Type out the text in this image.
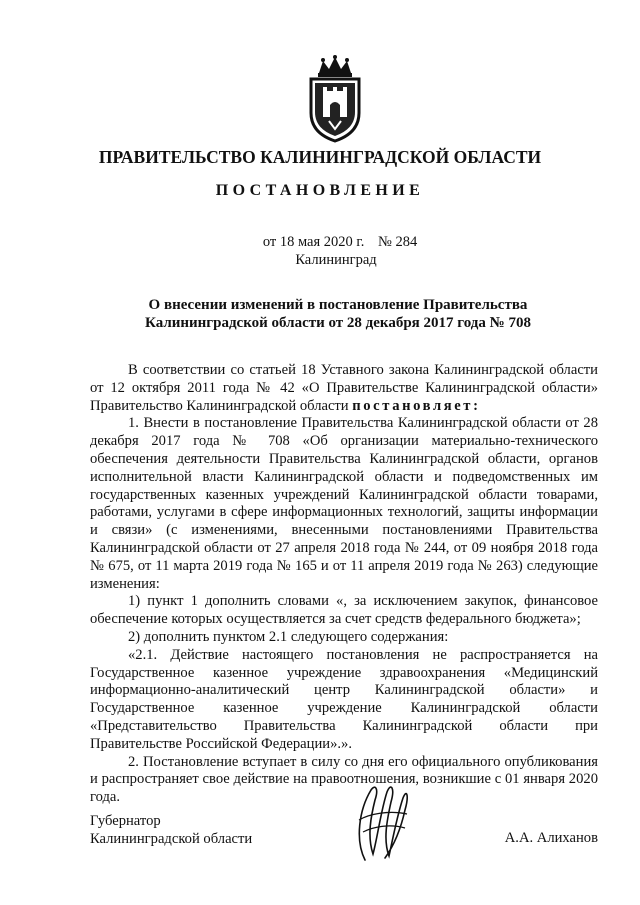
ПРАВИТЕЛЬСТВО КАЛИНИНГРАДСКОЙ ОБЛАСТИ
ПОСТАНОВЛЕНИЕ
от 18 мая 2020 г. № 284
Калининград
О внесении изменений в постановление Правительства
Калининградской области от 28 декабря 2017 года № 708

В соответствии со статьей 18 Уставного закона Калининградской области от 12 октября 2011 года № 42 «О Правительстве Калининградской области» Правительство Калининградской области постановляет:

1. Внести в постановление Правительства Калининградской области от 28 декабря 2017 года № 708 «Об организации материально-технического обеспечения деятельности Правительства Калининградской области, органов исполнительной власти Калининградской области и подведомственных им государственных казенных учреждений Калининградской области товарами, работами, услугами в сфере информационных технологий, защиты информации и связи» (с изменениями, внесенными постановлениями Правительства Калининградской области от 27 апреля 2018 года № 244, от 09 ноября 2018 года № 675, от 11 марта 2019 года № 165 и от 11 апреля 2019 года № 263) следующие изменения:

1) пункт 1 дополнить словами «, за исключением закупок, финансовое обеспечение которых осуществляется за счет средств федерального бюджета»;

2) дополнить пунктом 2.1 следующего содержания:

«2.1. Действие настоящего постановления не распространяется на Государственное казенное учреждение здравоохранения «Медицинский информационно-аналитический центр Калининградской области» и Государственное казенное учреждение Калининградской области «Представительство Правительства Калининградской области при Правительстве Российской Федерации».».

2. Постановление вступает в силу со дня его официального опубликования и распространяет свое действие на правоотношения, возникшие с 01 января 2020 года.

Губернатор
Калининградской области	А.А. Алиханов
